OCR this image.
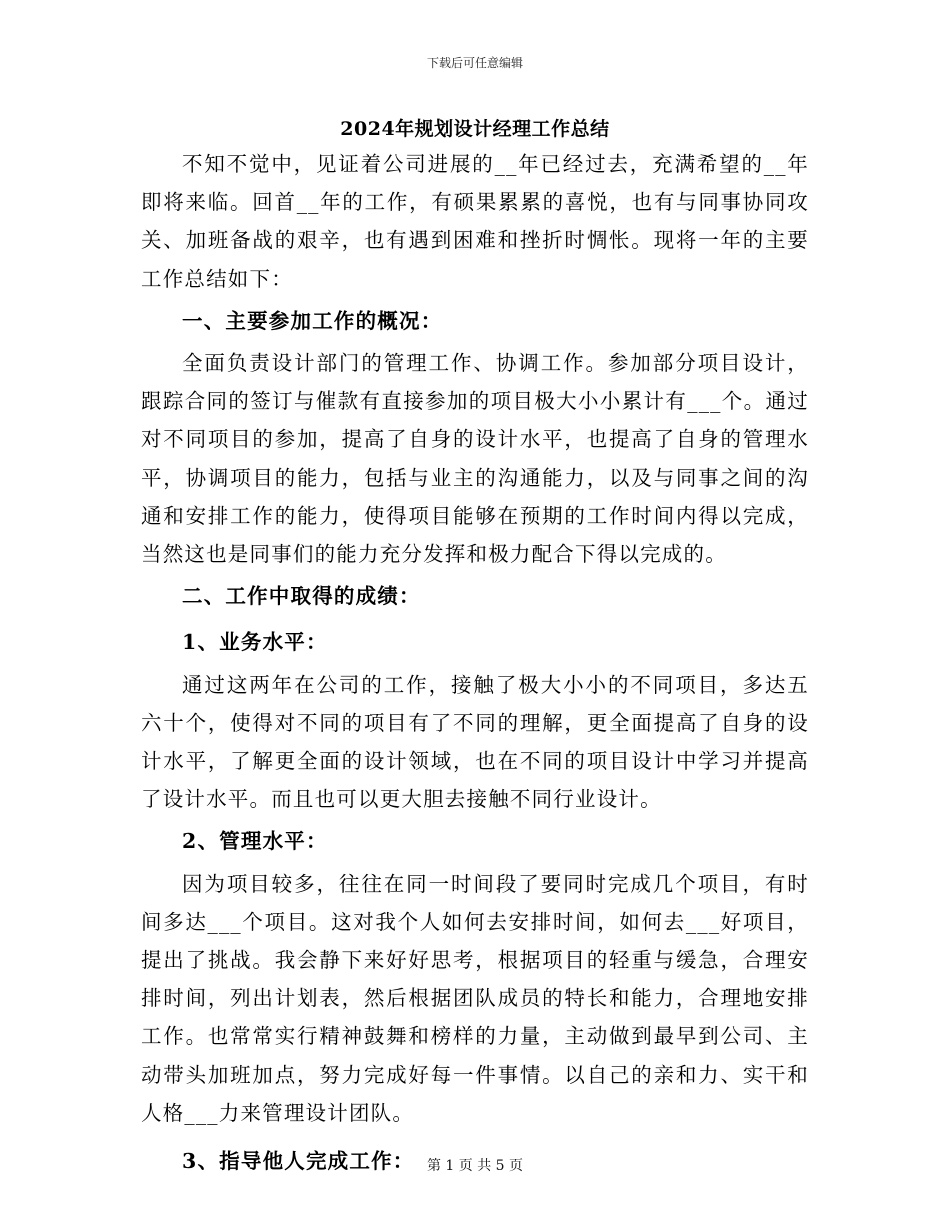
下载后可任意编辑
2024年规划设计经理工作总结

不知不觉中，见证着公司进展的__年已经过去，充满希望的__年即将来临。回首__年的工作，有硕果累累的喜悦，也有与同事协同攻关、加班备战的艰辛，也有遇到困难和挫折时惆怅。现将一年的主要工作总结如下：

一、主要参加工作的概况：

全面负责设计部门的管理工作、协调工作。参加部分项目设计，跟踪合同的签订与催款有直接参加的项目极大小小累计有___个。通过对不同项目的参加，提高了自身的设计水平，也提高了自身的管理水平，协调项目的能力，包括与业主的沟通能力，以及与同事之间的沟通和安排工作的能力，使得项目能够在预期的工作时间内得以完成，当然这也是同事们的能力充分发挥和极力配合下得以完成的。

二、工作中取得的成绩：

1、业务水平：

通过这两年在公司的工作，接触了极大小小的不同项目，多达五六十个，使得对不同的项目有了不同的理解，更全面提高了自身的设计水平，了解更全面的设计领域，也在不同的项目设计中学习并提高了设计水平。而且也可以更大胆去接触不同行业设计。

2、管理水平：

因为项目较多，往往在同一时间段了要同时完成几个项目，有时间多达___个项目。这对我个人如何去安排时间，如何去___好项目，提出了挑战。我会静下来好好思考，根据项目的轻重与缓急，合理安排时间，列出计划表，然后根据团队成员的特长和能力，合理地安排工作。也常常实行精神鼓舞和榜样的力量，主动做到最早到公司、主动带头加班加点，努力完成好每一件事情。以自己的亲和力、实干和人格___力来管理设计团队。

3、指导他人完成工作： 第 1 页 共 5 页
